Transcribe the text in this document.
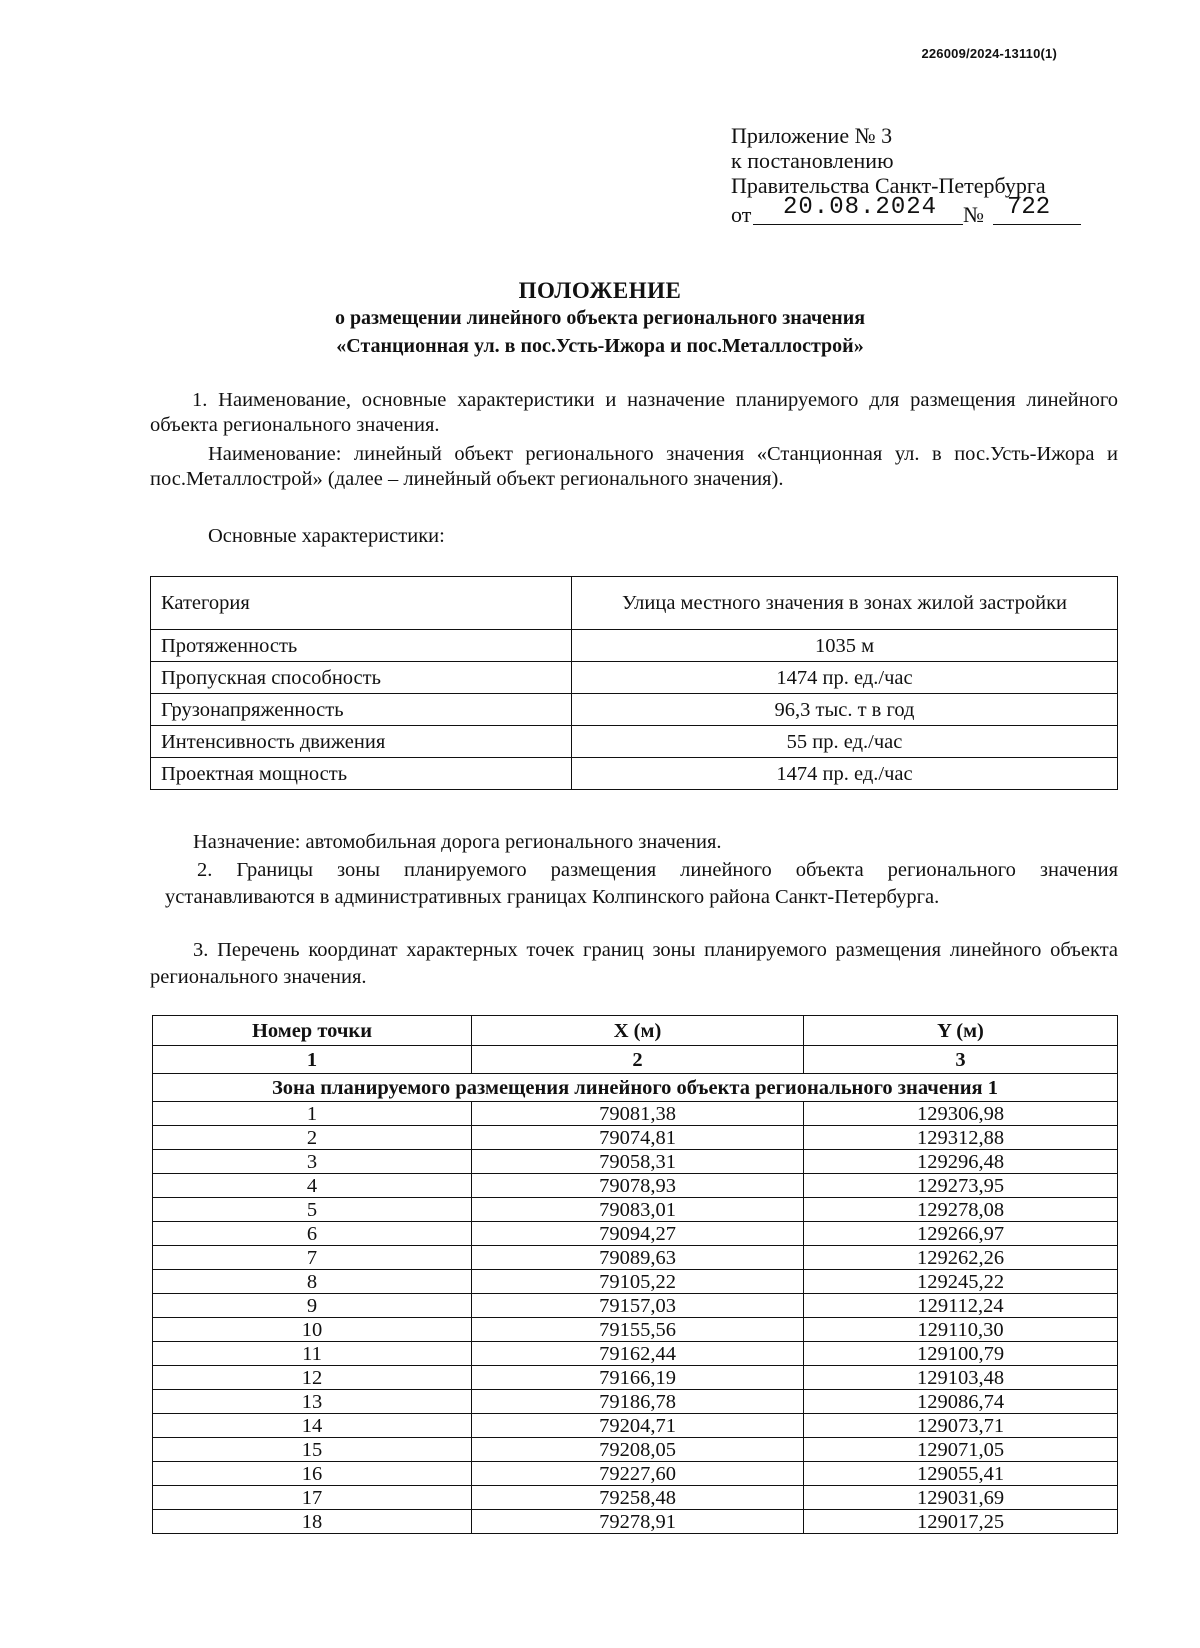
226009/2024-13110(1)
Приложение № 3
к постановлению
Правительства Санкт-Петербурга
от 20.08.2024 № 722
ПОЛОЖЕНИЕ
о размещении линейного объекта регионального значения
«Станционная ул. в пос.Усть-Ижора и пос.Металлострой»
1. Наименование, основные характеристики и назначение планируемого для размещения линейного объекта регионального значения.
Наименование: линейный объект регионального значения «Станционная ул. в пос.Усть-Ижора и пос.Металлострой» (далее – линейный объект регионального значения).
Основные характеристики:
Категория	Улица местного значения в зонах жилой застройки
Протяженность	1035 м
Пропускная способность	1474 пр. ед./час
Грузонапряженность	96,3 тыс. т в год
Интенсивность движения	55 пр. ед./час
Проектная мощность	1474 пр. ед./час
Назначение: автомобильная дорога регионального значения.
2. Границы зоны планируемого размещения линейного объекта регионального значения устанавливаются в административных границах Колпинского района Санкт-Петербурга.
3. Перечень координат характерных точек границ зоны планируемого размещения линейного объекта регионального значения.
Номер точки	X (м)	Y (м)
1	2	3
Зона планируемого размещения линейного объекта регионального значения 1		
1	79081,38	129306,98
2	79074,81	129312,88
3	79058,31	129296,48
4	79078,93	129273,95
5	79083,01	129278,08
6	79094,27	129266,97
7	79089,63	129262,26
8	79105,22	129245,22
9	79157,03	129112,24
10	79155,56	129110,30
11	79162,44	129100,79
12	79166,19	129103,48
13	79186,78	129086,74
14	79204,71	129073,71
15	79208,05	129071,05
16	79227,60	129055,41
17	79258,48	129031,69
18	79278,91	129017,25
